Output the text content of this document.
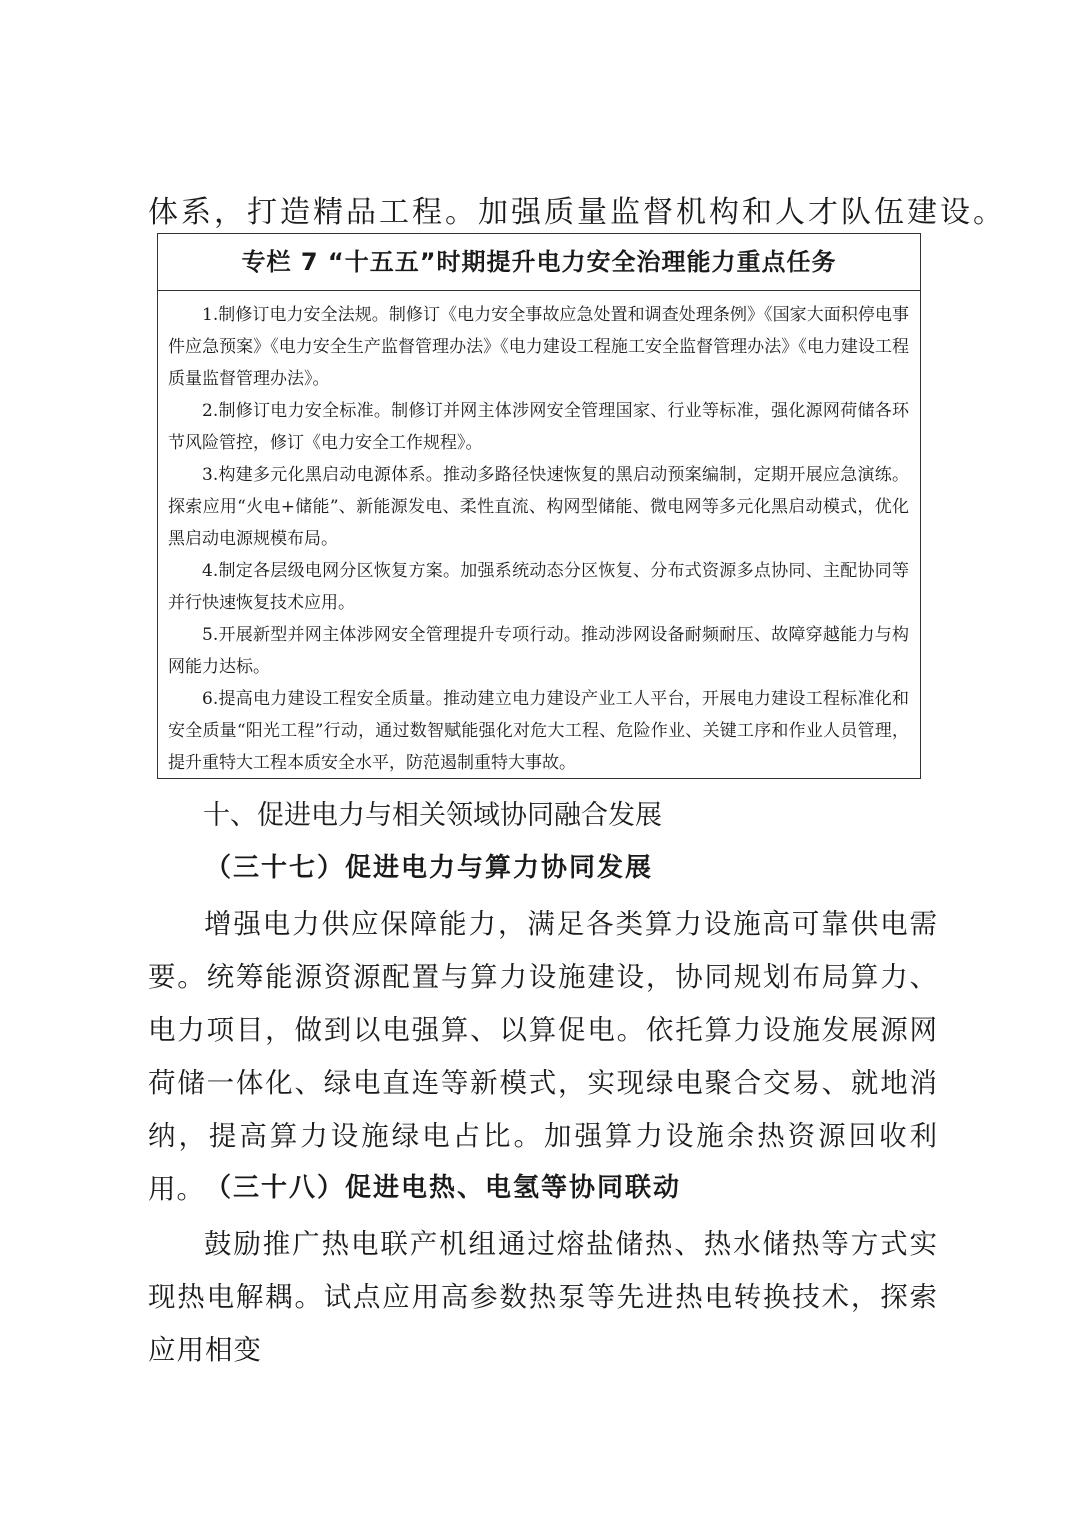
体系，打造精品工程。加强质量监督机构和人才队伍建设。
专栏 7 “十五五”时期提升电力安全治理能力重点任务

1.制修订电力安全法规。制修订《电力安全事故应急处置和调查处理条例》《国家大面积停电事件应急预案》《电力安全生产监督管理办法》《电力建设工程施工安全监督管理办法》《电力建设工程质量监督管理办法》。

2.制修订电力安全标准。制修订并网主体涉网安全管理国家、行业等标准，强化源网荷储各环节风险管控，修订《电力安全工作规程》。

3.构建多元化黑启动电源体系。推动多路径快速恢复的黑启动预案编制，定期开展应急演练。探索应用“火电+储能”、新能源发电、柔性直流、构网型储能、微电网等多元化黑启动模式，优化黑启动电源规模布局。

4.制定各层级电网分区恢复方案。加强系统动态分区恢复、分布式资源多点协同、主配协同等并行快速恢复技术应用。

5.开展新型并网主体涉网安全管理提升专项行动。推动涉网设备耐频耐压、故障穿越能力与构网能力达标。

6.提高电力建设工程安全质量。推动建立电力建设产业工人平台，开展电力建设工程标准化和安全质量“阳光工程”行动，通过数智赋能强化对危大工程、危险作业、关键工序和作业人员管理，提升重特大工程本质安全水平，防范遏制重特大事故。

十、促进电力与相关领域协同融合发展
（三十七）促进电力与算力协同发展

增强电力供应保障能力，满足各类算力设施高可靠供电需要。统筹能源资源配置与算力设施建设，协同规划布局算力、电力项目，做到以电强算、以算促电。依托算力设施发展源网荷储一体化、绿电直连等新模式，实现绿电聚合交易、就地消纳，提高算力设施绿电占比。加强算力设施余热资源回收利用。 （三十八）促进电热、电氢等协同联动

鼓励推广热电联产机组通过熔盐储热、热水储热等方式实现热电解耦。试点应用高参数热泵等先进热电转换技术，探索应用相变
